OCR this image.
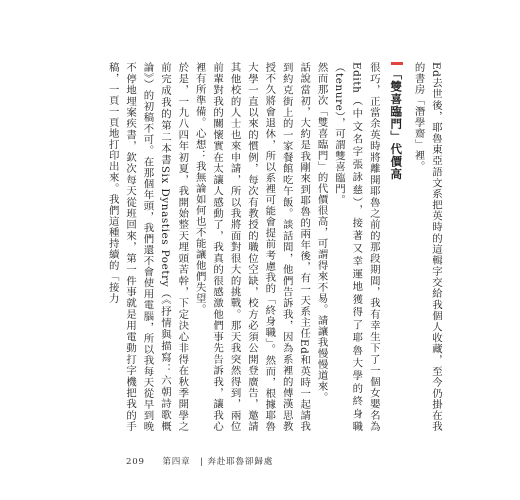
Ed去世後，耶魯東亞語文系把英時的這輯字交給我個人收藏，至今仍掛在我的書房「潛學齋」裡。

「雙喜臨門」代價高

很巧，正當余英時將離開耶魯之前的那段期間，我有幸生下了一個女嬰名為Edith（中文名字張詠慈），接著又幸運地獲得了耶魯大學的終身職（tenure），可謂雙喜臨門。

然而那次「雙喜臨門」的代價很高，可謂得來不易。請讓我慢慢道來。

話說當初，大約是我剛來到耶魯的兩年後，有一天系主任Ed和英時一起請我到約克街上的一家餐館吃午飯。談話間，他們告訴我，因為系裡的傅漢思教授不久將會退休，所以系裡可能會提前考慮我的「終身職」。然而，根據耶魯大學一直以來的慣例，每次有教授的職位空缺，校方必須公開登廣告，邀請其他校的人士也來申請，所以我將面對很大的挑戰。那天我突然得到，兩位前輩對我的關懷實在太讓人感動了，我真的很感激他們事先告訴我，讓我心裡有所準備。心想：我無論如何也不能讓他們失望。

於是，一九八四年初夏，我開始整天埋頭苦幹，下定決心非得在秋季開學之前完成我的第二本書Six Dynasties Poetry（《抒情與描寫：六朝詩歌概論》）的初稿不可。在那個年頭，我們還不會使用電腦，所以我每天從早到晚不停地埋案疾書，欽次每天從班回來，第一件事就是用電動打字機把我的手稿，一頁一頁地打印出來。我們這種持續的「接力

209 第四章 | 奔赴耶魯卻歸處
